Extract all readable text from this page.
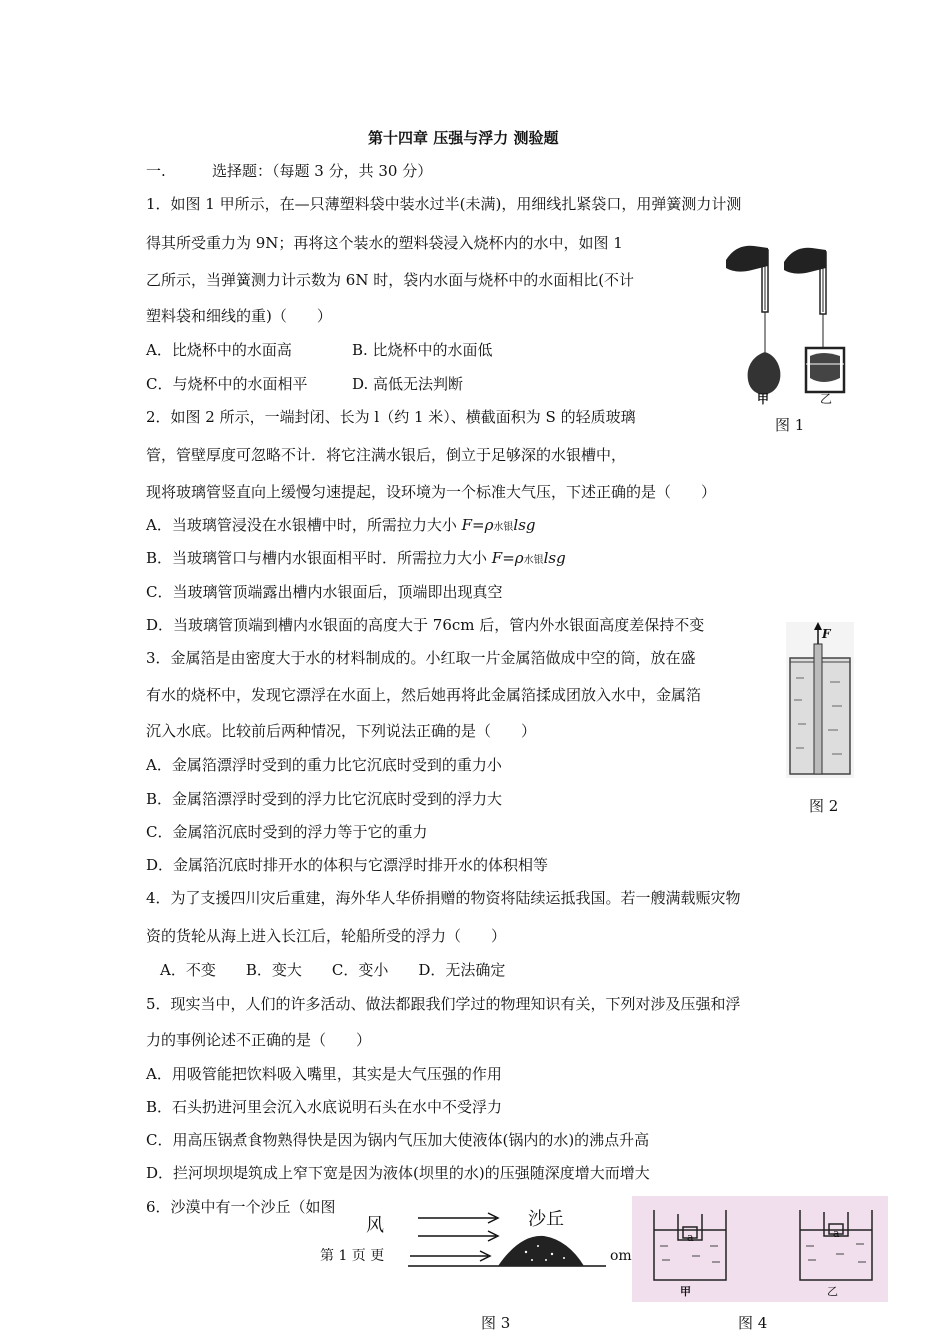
第十四章 压强与浮力 测验题
一.	选择题：（每题 3 分，共 30 分）
1．如图 1 甲所示，在—只薄塑料袋中装水过半(未满)，用细线扎紧袋口，用弹簧测力计测
得其所受重力为 9N；再将这个装水的塑料袋浸入烧杯内的水中，如图 1
乙所示，当弹簧测力计示数为 6N 时，袋内水面与烧杯中的水面相比(不计
塑料袋和细线的重)（　　）
A．比烧杯中的水面高	B. 比烧杯中的水面低
C．与烧杯中的水面相平	D. 高低无法判断
2．如图 2 所示，一端封闭、长为 l（约 1 米）、横截面积为 S 的轻质玻璃
管，管壁厚度可忽略不计．将它注满水银后，倒立于足够深的水银槽中，
现将玻璃管竖直向上缓慢匀速提起，设环境为一个标准大气压，下述正确的是（　　）
A．当玻璃管浸没在水银槽中时，所需拉力大小 F=ρ水银lsg
B．当玻璃管口与槽内水银面相平时．所需拉力大小 F=ρ水银lsg
C．当玻璃管顶端露出槽内水银面后，顶端即出现真空
D．当玻璃管顶端到槽内水银面的高度大于 76cm 后，管内外水银面高度差保持不变
3．金属箔是由密度大于水的材料制成的。小红取一片金属箔做成中空的筒，放在盛
有水的烧杯中，发现它漂浮在水面上，然后她再将此金属箔揉成团放入水中，金属箔
沉入水底。比较前后两种情况，下列说法正确的是（　　）
A．金属箔漂浮时受到的重力比它沉底时受到的重力小
B．金属箔漂浮时受到的浮力比它沉底时受到的浮力大
C．金属箔沉底时受到的浮力等于它的重力
D．金属箔沉底时排开水的体积与它漂浮时排开水的体积相等
4．为了支援四川灾后重建，海外华人华侨捐赠的物资将陆续运抵我国。若一艘满载赈灾物
资的货轮从海上进入长江后，轮船所受的浮力（　　）
A．不变　　B．变大　　C．变小　　D．无法确定
5．现实当中，人们的许多活动、做法都跟我们学过的物理知识有关，下列对涉及压强和浮
力的事例论述不正确的是（　　）
A．用吸管能把饮料吸入嘴里，其实是大气压强的作用
B．石头扔进河里会沉入水底说明石头在水中不受浮力
C．用高压锅煮食物熟得快是因为锅内气压加大使液体(锅内的水)的沸点升高
D．拦河坝坝堤筑成上窄下宽是因为液体(坝里的水)的压强随深度增大而增大
6．沙漠中有一个沙丘（如图
第 1 页 更	om
甲	乙
图 1
F
图 2
风	沙丘
图 3
a	a
甲	乙
图 4
